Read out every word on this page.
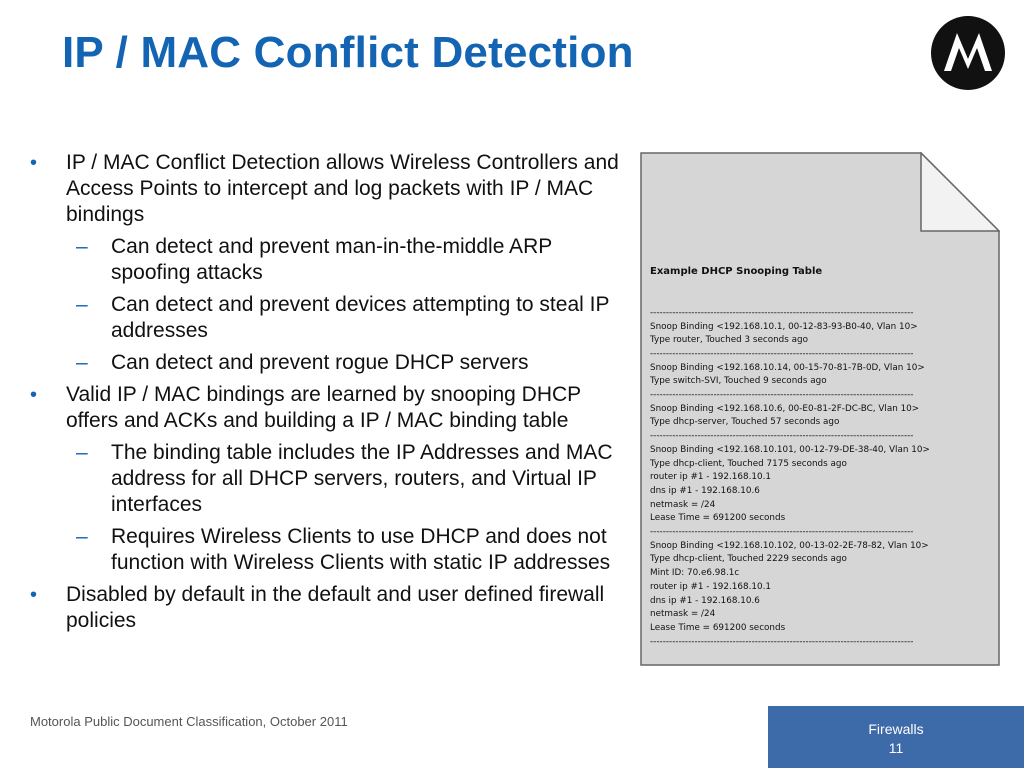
IP / MAC Conflict Detection
• IP / MAC Conflict Detection allows Wireless Controllers and Access Points to intercept and log packets with IP / MAC bindings
– Can detect and prevent man-in-the-middle ARP spoofing attacks
– Can detect and prevent devices attempting to steal IP addresses
– Can detect and prevent rogue DHCP servers
• Valid IP / MAC bindings are learned by snooping DHCP offers and ACKs and building a IP / MAC binding table
– The binding table includes the IP Addresses and MAC address for all DHCP servers, routers, and Virtual IP interfaces
– Requires Wireless Clients to use DHCP and does not function with Wireless Clients with static IP addresses
• Disabled by default in the default and user defined firewall policies

Example DHCP Snooping Table

-----------------------------------------------------------------------------------
Snoop Binding <192.168.10.1, 00-12-83-93-B0-40, Vlan 10>
Type router, Touched 3 seconds ago
-----------------------------------------------------------------------------------
Snoop Binding <192.168.10.14, 00-15-70-81-7B-0D, Vlan 10>
Type switch-SVI, Touched 9 seconds ago
-----------------------------------------------------------------------------------
Snoop Binding <192.168.10.6, 00-E0-81-2F-DC-BC, Vlan 10>
Type dhcp-server, Touched 57 seconds ago
-----------------------------------------------------------------------------------
Snoop Binding <192.168.10.101, 00-12-79-DE-38-40, Vlan 10>
Type dhcp-client, Touched 7175 seconds ago
router ip #1 - 192.168.10.1
dns ip #1 - 192.168.10.6
netmask = /24
Lease Time = 691200 seconds
-----------------------------------------------------------------------------------
Snoop Binding <192.168.10.102, 00-13-02-2E-78-82, Vlan 10>
Type dhcp-client, Touched 2229 seconds ago
Mint ID: 70.e6.98.1c
router ip #1 - 192.168.10.1
dns ip #1 - 192.168.10.6
netmask = /24
Lease Time = 691200 seconds
-----------------------------------------------------------------------------------

Motorola Public Document Classification, October 2011	Firewalls
11
